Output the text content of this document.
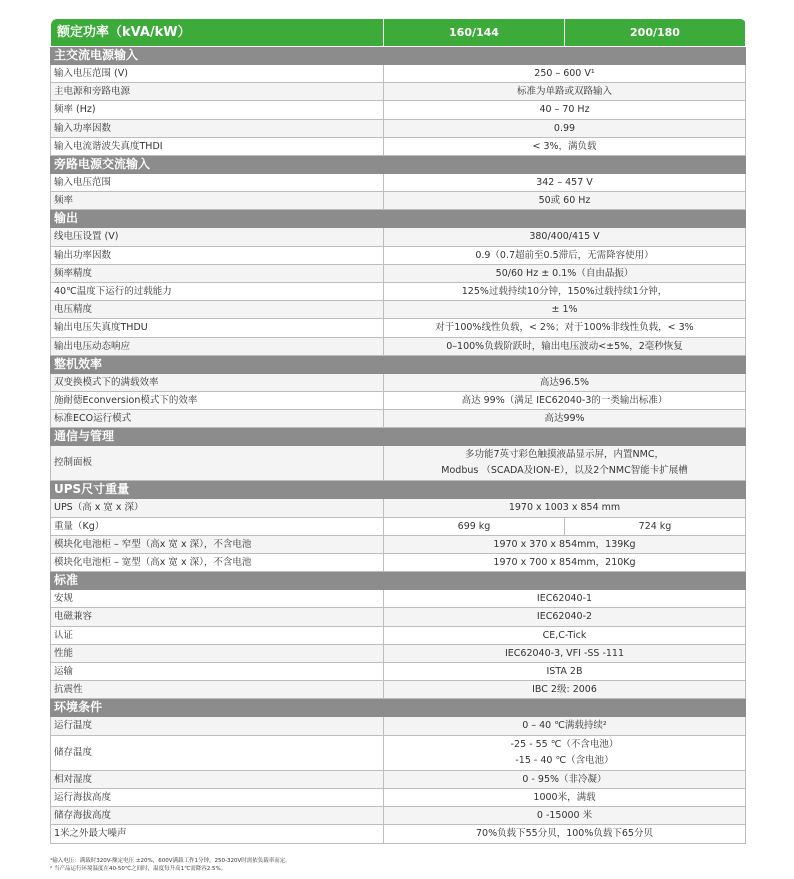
额定功率（kVA/kW）	160/144	200/180
主交流电源输入		
输入电压范围 (V)	250 – 600 V¹	
主电源和旁路电源	标准为单路或双路输入	
频率 (Hz)	40 – 70 Hz	
输入功率因数	0.99	
输入电流谐波失真度THDI	< 3%，满负载	
旁路电源交流输入		
输入电压范围	342 – 457 V	
频率	50或 60 Hz	
输出		
线电压设置 (V)	380/400/415 V	
输出功率因数	0.9（0.7超前至0.5滞后，无需降容使用）	
频率精度	50/60 Hz ± 0.1%（自由晶振）	
40℃温度下运行的过载能力	125%过载持续10分钟，150%过载持续1分钟，	
电压精度	± 1%	
输出电压失真度THDU	对于100%线性负载，< 2%；对于100%非线性负载，< 3%	
输出电压动态响应	0–100%负载阶跃时，输出电压波动<±5%，2毫秒恢复	
整机效率		
双变换模式下的满载效率	高达96.5%	
施耐德Econversion模式下的效率	高达 99%（满足 IEC62040-3的一类输出标准）	
标准ECO运行模式	高达99%	
通信与管理		
控制面板	多功能7英寸彩色触摸液晶显示屏，内置NMC，
Modbus （SCADA及ION-E），以及2个NMC智能卡扩展槽	

UPS尺寸重量		
UPS（高 x 宽 x 深）	1970 x 1003 x 854 mm	
重量（Kg）	699 kg	724 kg
模块化电池柜 – 窄型（高x 宽 x 深），不含电池	1970 x 370 x 854mm，139Kg	
模块化电池柜 – 宽型（高x 宽 x 深），不含电池	1970 x 700 x 854mm，210Kg	
标准		
安规	IEC62040-1	
电磁兼容	IEC62040-2	
认证	CE,C-Tick	
性能	IEC62040-3, VFI -SS -111	
运输	ISTA 2B	
抗震性	IBC 2级: 2006	
环境条件		
运行温度	0 – 40 ℃满载持续²	
储存温度	-25 - 55 ℃（不含电池）
-15 - 40 ℃（含电池）	

相对湿度	0 - 95%（非冷凝）	
运行海拔高度	1000米，满载	
储存海拔高度	0 -15000 米	
1米之外最大噪声	70%负载下55分贝，100%负载下65分贝	
¹输入电压：满载时320V-额定电压 ±20%，600V满载工作1分钟，250-320V时需依负载率而定。
² 当产品运行环境温度在40-50℃之间时，温度每升高1℃需降容2.5%。
